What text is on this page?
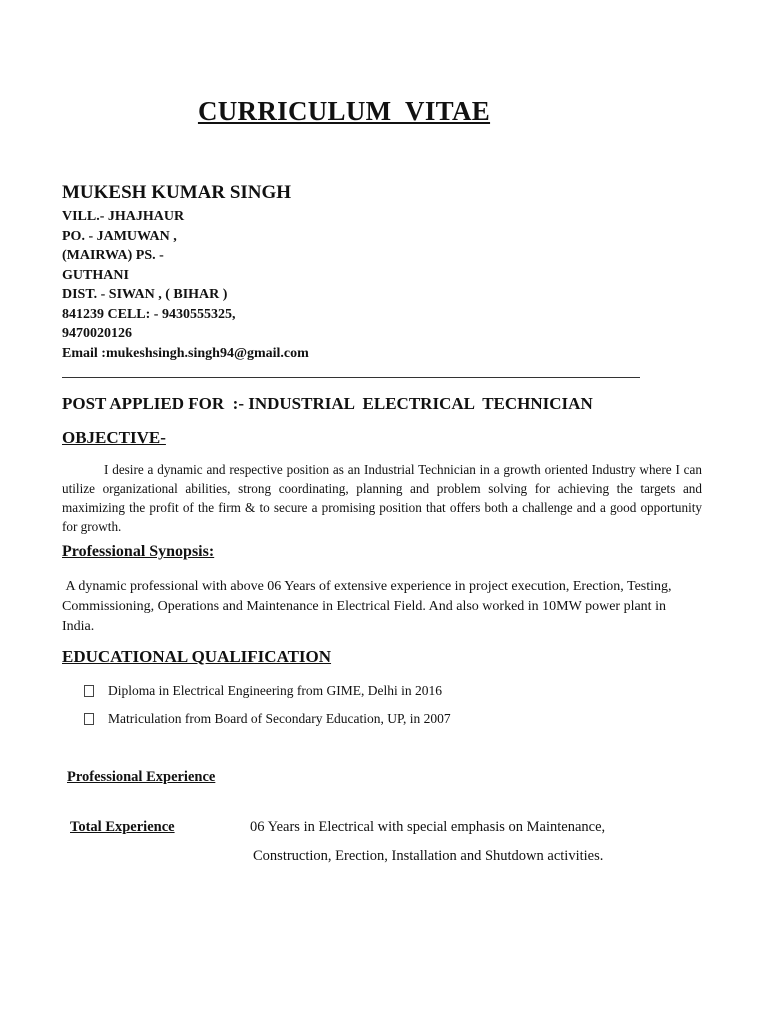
CURRICULUM  VITAE
MUKESH KUMAR SINGH
VILL.- JHAJHAUR
PO. - JAMUWAN ,
(MAIRWA) PS. -
GUTHANI
DIST. - SIWAN , ( BIHAR )
841239 CELL: - 9430555325,
9470020126
Email :mukeshsingh.singh94@gmail.com
POST APPLIED FOR  :- INDUSTRIAL  ELECTRICAL  TECHNICIAN
OBJECTIVE-
I desire a dynamic and respective position as an Industrial Technician in a growth oriented Industry where I can utilize organizational abilities, strong coordinating, planning and problem solving for achieving the targets and maximizing the profit of the firm & to secure a promising position that offers both a challenge and a good opportunity for growth.
Professional Synopsis:
A dynamic professional with above 06 Years of extensive experience in project execution, Erection, Testing, Commissioning, Operations and Maintenance in Electrical Field. And also worked in 10MW power plant in India.
EDUCATIONAL QUALIFICATION
Diploma in Electrical Engineering from GIME, Delhi in 2016
Matriculation from Board of Secondary Education, UP, in 2007
Professional Experience
Total Experience	06 Years in Electrical with special emphasis on Maintenance,
Construction, Erection, Installation and Shutdown activities.
